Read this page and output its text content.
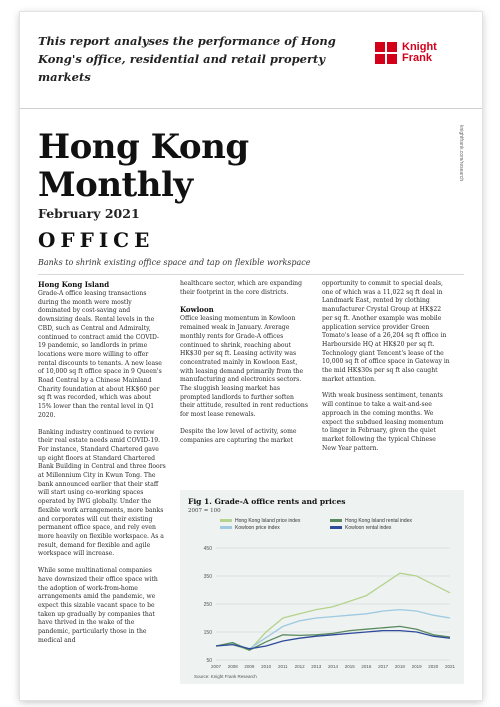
This report analyses the performance of Hong Kong's office, residential and retail property markets
Knight
Frank
Hong Kong
Monthly
February 2021
OFFICE
knightfrank.com/research
Banks to shrink existing office space and tap on flexible workspace
Hong Kong Island

Grade-A office leasing transactions during the month were mostly dominated by cost-saving and downsizing deals. Rental levels in the CBD, such as Central and Admiralty, continued to contract amid the COVID-19 pandemic, so landlords in prime locations were more willing to offer rental discounts to tenants. A new lease of 10,000 sq ft office space in 9 Queen's Road Central by a Chinese Mainland Charity foundation at about HK$60 per sq ft was recorded, which was about 15% lower than the rental level in Q1 2020.

Banking industry continued to review their real estate needs amid COVID-19. For instance, Standard Chartered gave up eight floors at Standard Chartered Bank Building in Central and three floors at Millennium City in Kwun Tong. The bank announced earlier that their staff will start using co-working spaces operated by IWG globally. Under the flexible work arrangements, more banks and corporates will cut their existing permanent office space, and rely even more heavily on flexible workspace. As a result, demand for flexible and agile workspace will increase.

While some multinational companies have downsized their office space with the adoption of work-from-home arrangements amid the pandemic, we expect this sizable vacant space to be taken up gradually by companies that have thrived in the wake of the pandemic, particularly those in the medical and

healthcare sector, which are expanding their footprint in the core districts.

Kowloon

Office leasing momentum in Kowloon remained weak in January. Average monthly rents for Grade-A offices continued to shrink, reaching about HK$30 per sq ft. Leasing activity was concentrated mainly in Kowloon East, with leasing demand primarily from the manufacturing and electronics sectors. The sluggish leasing market has prompted landlords to further soften their attitude, resulted in rent reductions for most lease renewals.

Despite the low level of activity, some companies are capturing the market

opportunity to commit to special deals, one of which was a 11,022 sq ft deal in Landmark East, rented by clothing manufacturer Crystal Group at HK$22 per sq ft. Another example was mobile application service provider Green Tomato's lease of a 26,204 sq ft office in Harbourside HQ at HK$20 per sq ft. Technology giant Tencent's lease of the 10,000 sq ft of office space in Gateway in the mid HK$30s per sq ft also caught market attention.

With weak business sentiment, tenants will continue to take a wait-and-see approach in the coming months. We expect the subdued leasing momentum to linger in February, given the quiet market following the typical Chinese New Year pattern.

Fig 1. Grade-A office rents and prices
2007 = 100
Hong Kong Island price index	Hong Kong Island rental index
Kowloon price index	Kowloon rental index
50
150
250
350
450
2007 2008 2009 2010 2011 2012 2013 2014 2015 2016 2017 2018 2019 2020 2021
Source: Knight Frank Research
